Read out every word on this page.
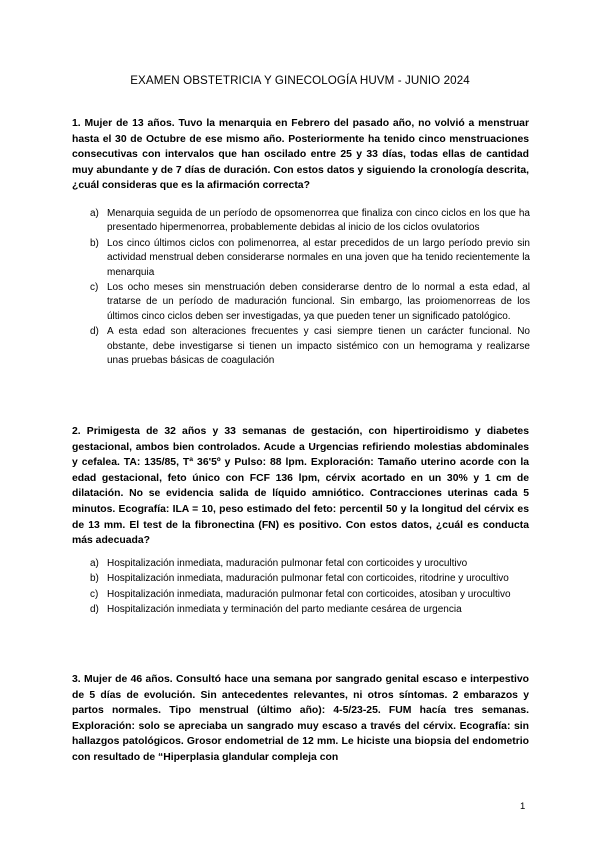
EXAMEN OBSTETRICIA Y GINECOLOGÍA HUVM - JUNIO 2024

1. Mujer de 13 años. Tuvo la menarquia en Febrero del pasado año, no volvió a menstruar hasta el 30 de Octubre de ese mismo año. Posteriormente ha tenido cinco menstruaciones consecutivas con intervalos que han oscilado entre 25 y 33 días, todas ellas de cantidad muy abundante y de 7 días de duración. Con estos datos y siguiendo la cronología descrita, ¿cuál consideras que es la afirmación correcta?

a) Menarquia seguida de un período de opsomenorrea que finaliza con cinco ciclos en los que ha presentado hipermenorrea, probablemente debidas al inicio de los ciclos ovulatorios
b) Los cinco últimos ciclos con polimenorrea, al estar precedidos de un largo período previo sin actividad menstrual deben considerarse normales en una joven que ha tenido recientemente la menarquia
c) Los ocho meses sin menstruación deben considerarse dentro de lo normal a esta edad, al tratarse de un período de maduración funcional. Sin embargo, las proiomenorreas de los últimos cinco ciclos deben ser investigadas, ya que pueden tener un significado patológico.
d) A esta edad son alteraciones frecuentes y casi siempre tienen un carácter funcional. No obstante, debe investigarse si tienen un impacto sistémico con un hemograma y realizarse unas pruebas básicas de coagulación

2. Primigesta de 32 años y 33 semanas de gestación, con hipertiroidismo y diabetes gestacional, ambos bien controlados. Acude a Urgencias refiriendo molestias abdominales y cefalea. TA: 135/85, Tª 36'5º y Pulso: 88 lpm. Exploración: Tamaño uterino acorde con la edad gestacional, feto único con FCF 136 lpm, cérvix acortado en un 30% y 1 cm de dilatación. No se evidencia salida de líquido amniótico. Contracciones uterinas cada 5 minutos. Ecografía: ILA = 10, peso estimado del feto: percentil 50 y la longitud del cérvix es de 13 mm. El test de la fibronectina (FN) es positivo. Con estos datos, ¿cuál es conducta más adecuada?

a) Hospitalización inmediata, maduración pulmonar fetal con corticoides y urocultivo
b) Hospitalización inmediata, maduración pulmonar fetal con corticoides, ritodrine y urocultivo
c) Hospitalización inmediata, maduración pulmonar fetal con corticoides, atosiban y urocultivo
d) Hospitalización inmediata y terminación del parto mediante cesárea de urgencia

3. Mujer de 46 años. Consultó hace una semana por sangrado genital escaso e interpestivo de 5 días de evolución. Sin antecedentes relevantes, ni otros síntomas. 2 embarazos y partos normales. Tipo menstrual (último año): 4-5/23-25. FUM hacía tres semanas. Exploración: solo se apreciaba un sangrado muy escaso a través del cérvix. Ecografía: sin hallazgos patológicos. Grosor endometrial de 12 mm. Le hiciste una biopsia del endometrio con resultado de “Hiperplasia glandular compleja con

1
